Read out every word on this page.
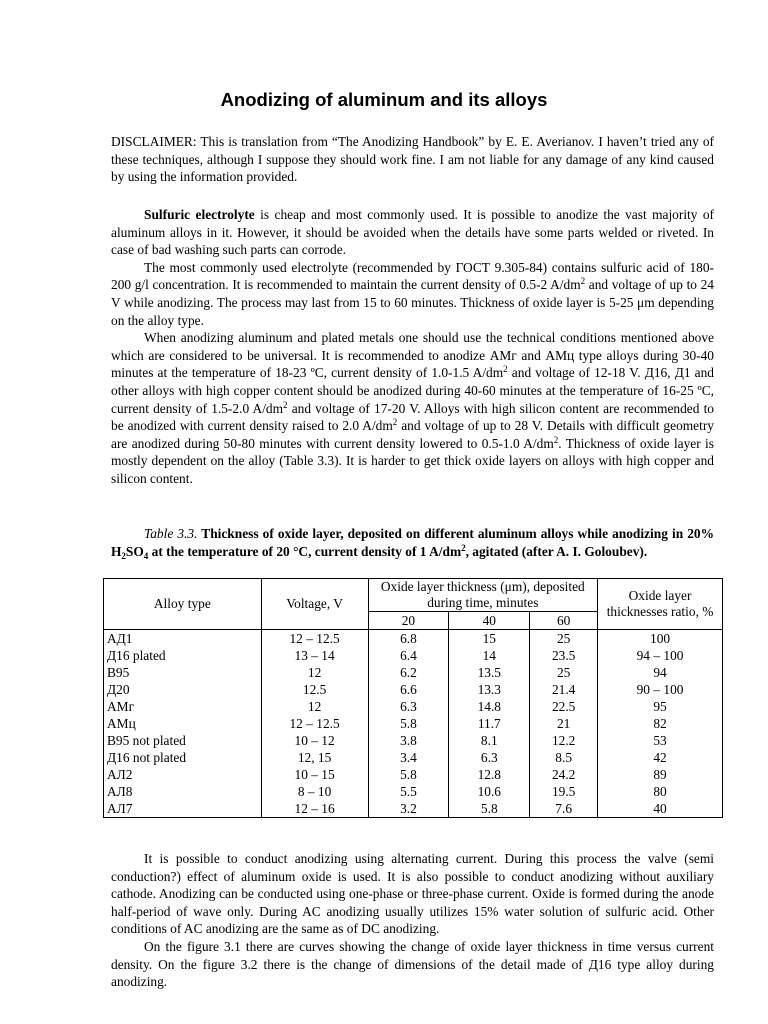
Anodizing of aluminum and its alloys

DISCLAIMER: This is translation from “The Anodizing Handbook” by E. E. Averianov. I haven’t tried any of these techniques, although I suppose they should work fine. I am not liable for any damage of any kind caused by using the information provided.

Sulfuric electrolyte is cheap and most commonly used. It is possible to anodize the vast majority of aluminum alloys in it. However, it should be avoided when the details have some parts welded or riveted. In case of bad washing such parts can corrode.

The most commonly used electrolyte (recommended by ГОСТ 9.305-84) contains sulfuric acid of 180-200 g/l concentration. It is recommended to maintain the current density of 0.5-2 $A/dm^2$ and voltage of up to 24 V while anodizing. The process may last from 15 to 60 minutes. Thickness of oxide layer is 5-25 μm depending on the alloy type.

When anodizing aluminum and plated metals one should use the technical conditions mentioned above which are considered to be universal. It is recommended to anodize АМг and АМц type alloys during 30-40 minutes at the temperature of 18-23 ºC, current density of 1.0-1.5 $A/dm^2$ and voltage of 12-18 V. Д16, Д1 and other alloys with high copper content should be anodized during 40-60 minutes at the temperature of 16-25 ºC, current density of 1.5-2.0 $A/dm^2$ and voltage of 17-20 V. Alloys with high silicon content are recommended to be anodized with current density raised to 2.0 $A/dm^2$ and voltage of up to 28 V. Details with difficult geometry are anodized during 50-80 minutes with current density lowered to 0.5-1.0 $A/dm^2$. Thickness of oxide layer is mostly dependent on the alloy (Table 3.3). It is harder to get thick oxide layers on alloys with high copper and silicon content.

Table 3.3. Thickness of oxide layer, deposited on different aluminum alloys while anodizing in 20% $H_2SO_4$ at the temperature of 20 °C, current density of 1 $A/dm^2$, agitated (after A. I. Goloubev).
Alloy type	Voltage, V	Oxide layer thickness (μm), deposited during time, minutes			Oxide layer thicknesses ratio, %

		20	40	60	
АД1	12 – 12.5	6.8	15	25	100
Д16 plated	13 – 14	6.4	14	23.5	94 – 100
В95	12	6.2	13.5	25	94
Д20	12.5	6.6	13.3	21.4	90 – 100
АМг	12	6.3	14.8	22.5	95
АМц	12 – 12.5	5.8	11.7	21	82
В95 not plated	10 – 12	3.8	8.1	12.2	53
Д16 not plated	12, 15	3.4	6.3	8.5	42
АЛ2	10 – 15	5.8	12.8	24.2	89
АЛ8	8 – 10	5.5	10.6	19.5	80
АЛ7	12 – 16	3.2	5.8	7.6	40

It is possible to conduct anodizing using alternating current. During this process the valve (semi conduction?) effect of aluminum oxide is used. It is also possible to conduct anodizing without auxiliary cathode. Anodizing can be conducted using one-phase or three-phase current. Oxide is formed during the anode half-period of wave only. During AC anodizing usually utilizes 15% water solution of sulfuric acid. Other conditions of AC anodizing are the same as of DC anodizing.

On the figure 3.1 there are curves showing the change of oxide layer thickness in time versus current density. On the figure 3.2 there is the change of dimensions of the detail made of Д16 type alloy during anodizing.
